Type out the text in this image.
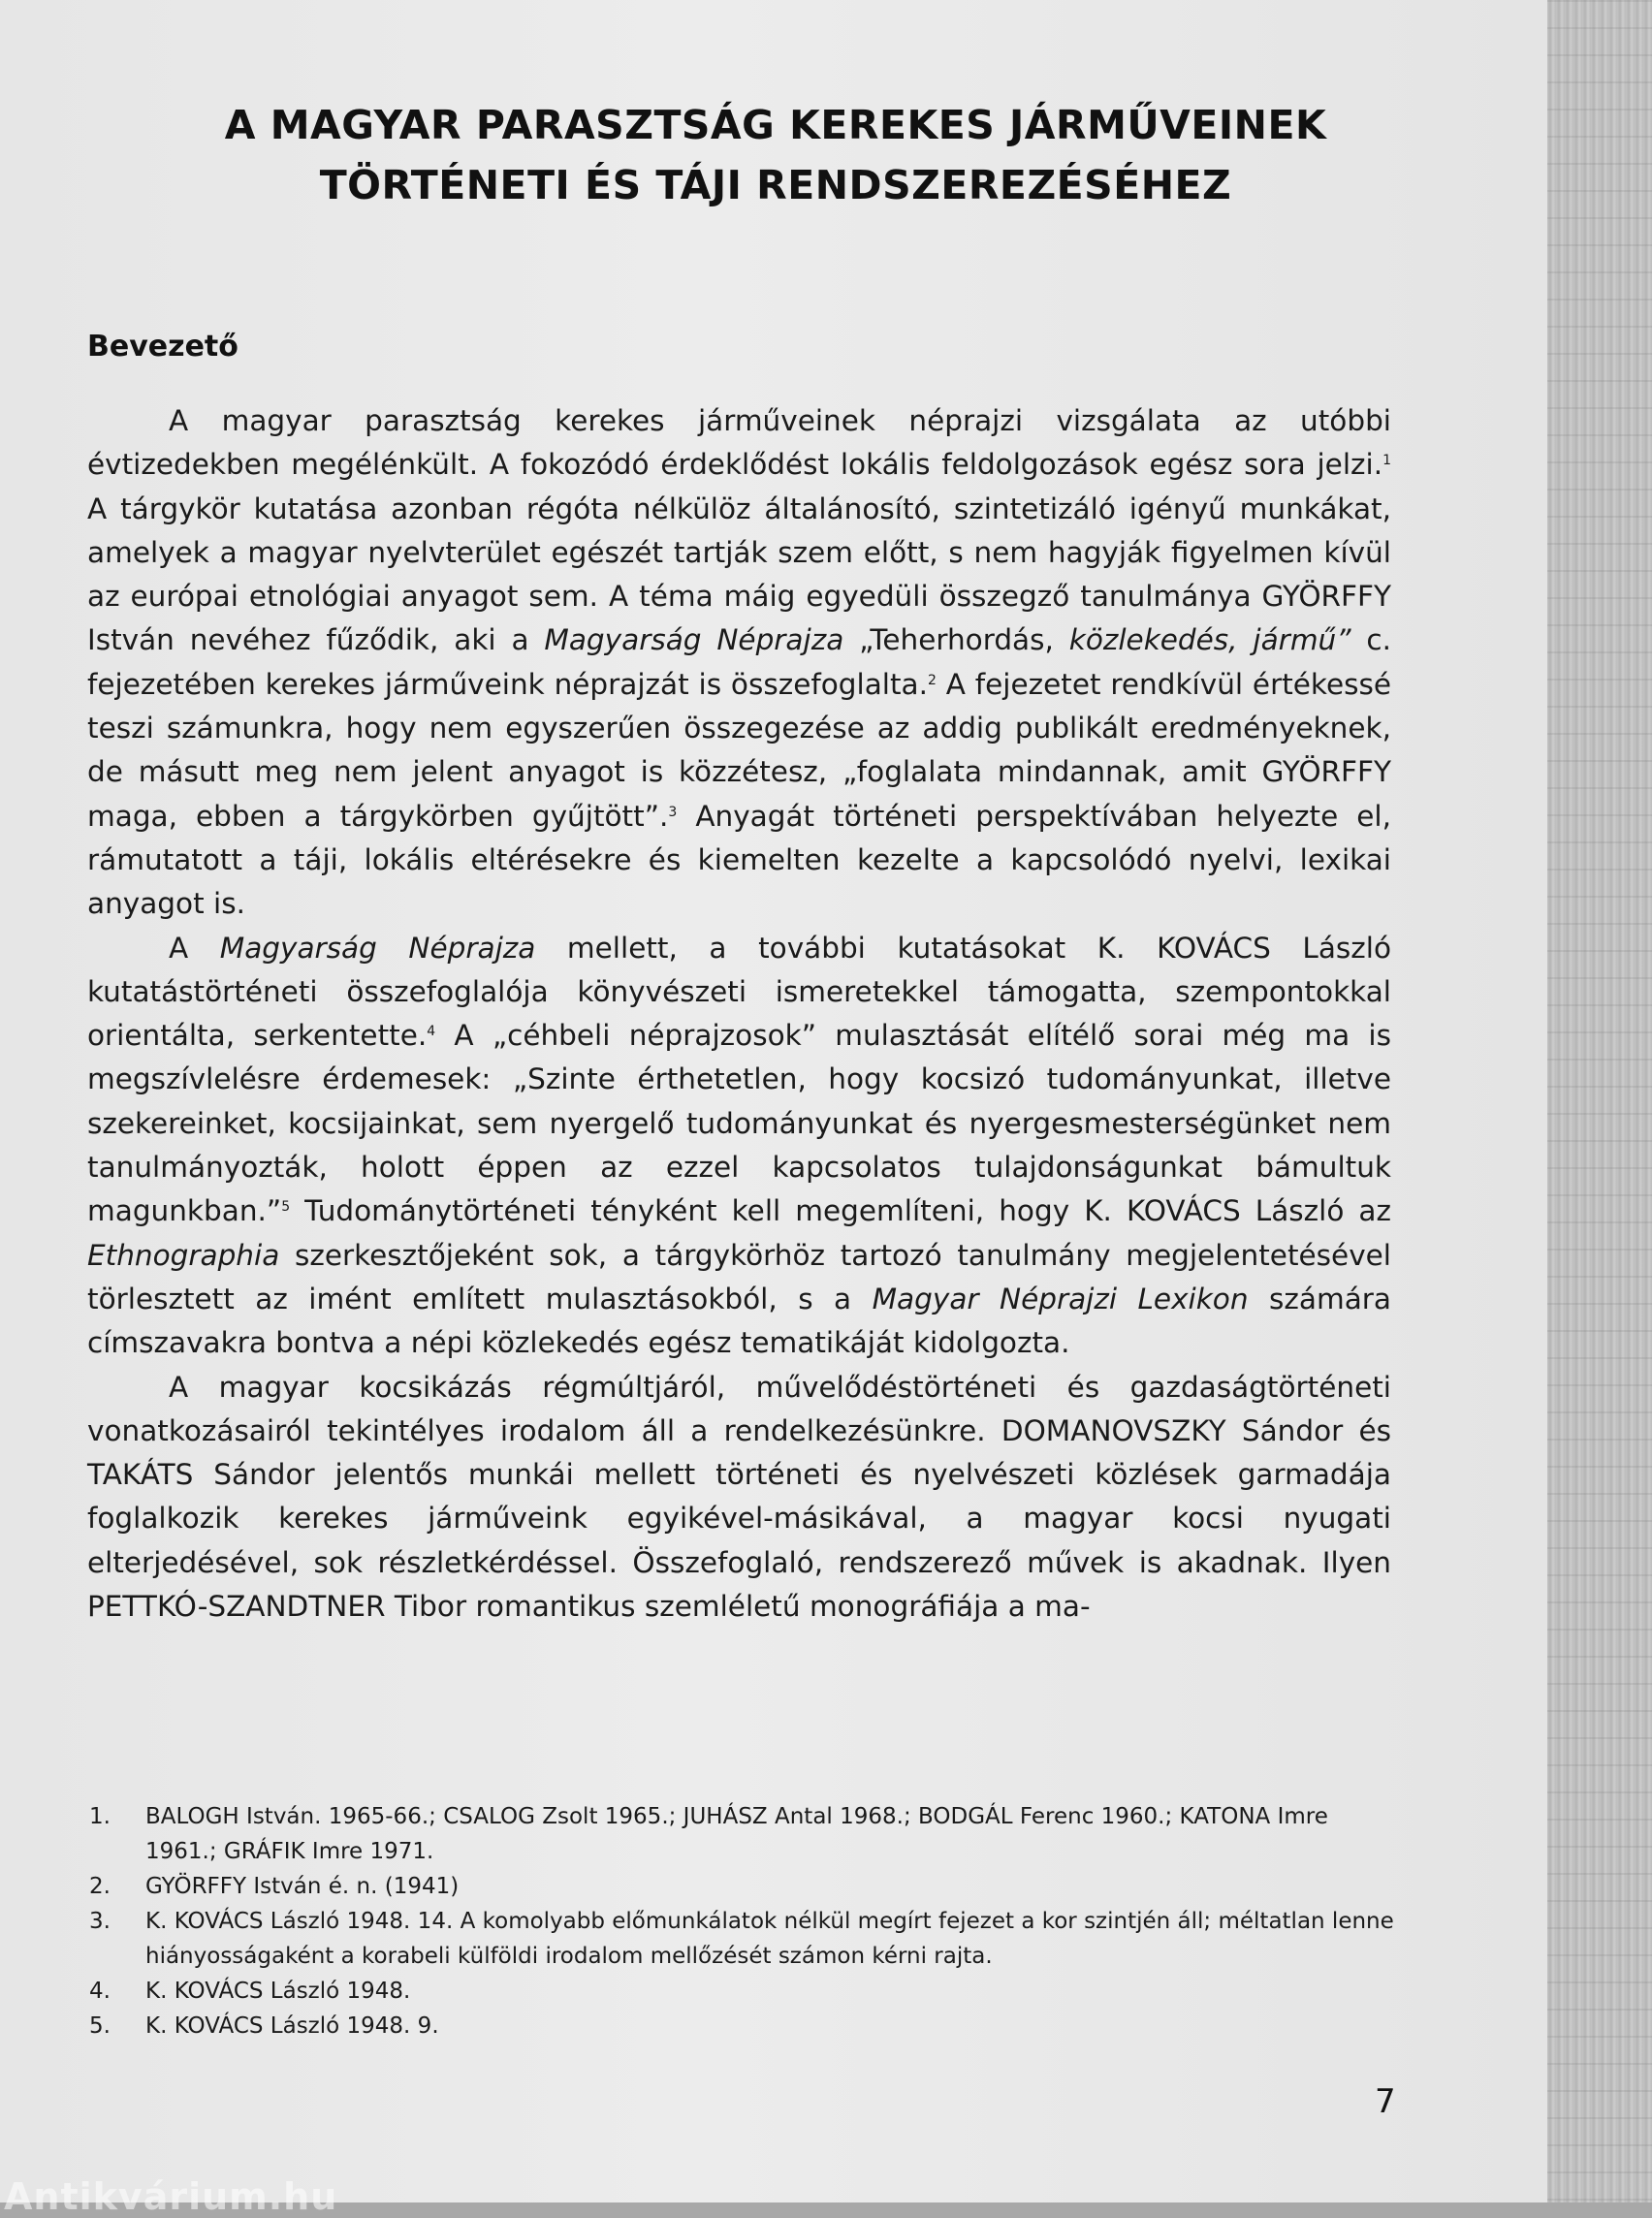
A MAGYAR PARASZTSÁG KEREKES JÁRMŰVEINEK
TÖRTÉNETI ÉS TÁJI RENDSZEREZÉSÉHEZ
Bevezető

A magyar parasztság kerekes járműveinek néprajzi vizsgálata az utóbbi évtizedekben megélénkült. A fokozódó érdeklődést lokális feldolgozások egész sora jelzi.$^1$ A tárgykör kutatása azonban régóta nélkülöz általánosító, szintetizáló igényű munkákat, amelyek a magyar nyelvterület egészét tartják szem előtt, s nem hagyják figyelmen kívül az európai etnológiai anyagot sem. A téma máig egyedüli összegző tanulmánya GYÖRFFY István nevéhez fűződik, aki a Magyarság Néprajza „Teherhordás, közlekedés, jármű” c. fejezetében kerekes járműveink néprajzát is összefoglalta.$^2$ A fejezetet rendkívül értékessé teszi számunkra, hogy nem egyszerűen összegezése az addig publikált eredményeknek, de másutt meg nem jelent anyagot is közzétesz, „foglalata mindannak, amit GYÖRFFY maga, ebben a tárgykörben gyűjtött”.$^3$ Anyagát történeti perspektívában helyezte el, rámutatott a táji, lokális eltérésekre és kiemelten kezelte a kapcsolódó nyelvi, lexikai anyagot is.

A Magyarság Néprajza mellett, a további kutatásokat K. KOVÁCS László kutatástörténeti összefoglalója könyvészeti ismeretekkel támogatta, szempontokkal orientálta, serkentette.$^4$ A „céhbeli néprajzosok” mulasztását elítélő sorai még ma is megszívlelésre érdemesek: „Szinte érthetetlen, hogy kocsizó tudományunkat, illetve szekereinket, kocsijainkat, sem nyergelő tudományunkat és nyergesmesterségünket nem tanulmányozták, holott éppen az ezzel kapcsolatos tulajdonságunkat bámultuk magunkban.”$^5$ Tudománytörténeti tényként kell megemlíteni, hogy K. KOVÁCS László az Ethnographia szerkesztőjeként sok, a tárgykörhöz tartozó tanulmány megjelentetésével törlesztett az imént említett mulasztásokból, s a Magyar Néprajzi Lexikon számára címszavakra bontva a népi közlekedés egész tematikáját kidolgozta.

A magyar kocsikázás régmúltjáról, művelődéstörténeti és gazdaságtörténeti vonatkozásairól tekintélyes irodalom áll a rendelkezésünkre. DOMANOVSZKY Sándor és TAKÁTS Sándor jelentős munkái mellett történeti és nyelvészeti közlések garmadája foglalkozik kerekes járműveink egyikével-másikával, a magyar kocsi nyugati elterjedésével, sok részletkérdéssel. Összefoglaló, rendszerező művek is akadnak. Ilyen PETTKÓ-SZANDTNER Tibor romantikus szemléletű monográfiája a ma-

1.	BALOGH István. 1965-66.; CSALOG Zsolt 1965.; JUHÁSZ Antal 1968.; BODGÁL Ferenc 1960.; KATONA Imre 1961.; GRÁFIK Imre 1971.
2.	GYÖRFFY István é. n. (1941)
3.	K. KOVÁCS László 1948. 14. A komolyabb előmunkálatok nélkül megírt fejezet a kor szintjén áll; méltatlan lenne hiányosságaként a korabeli külföldi irodalom mellőzését számon kérni rajta.
4.	K. KOVÁCS László 1948.
5.	K. KOVÁCS László 1948. 9.
7
Antikvárium.hu
